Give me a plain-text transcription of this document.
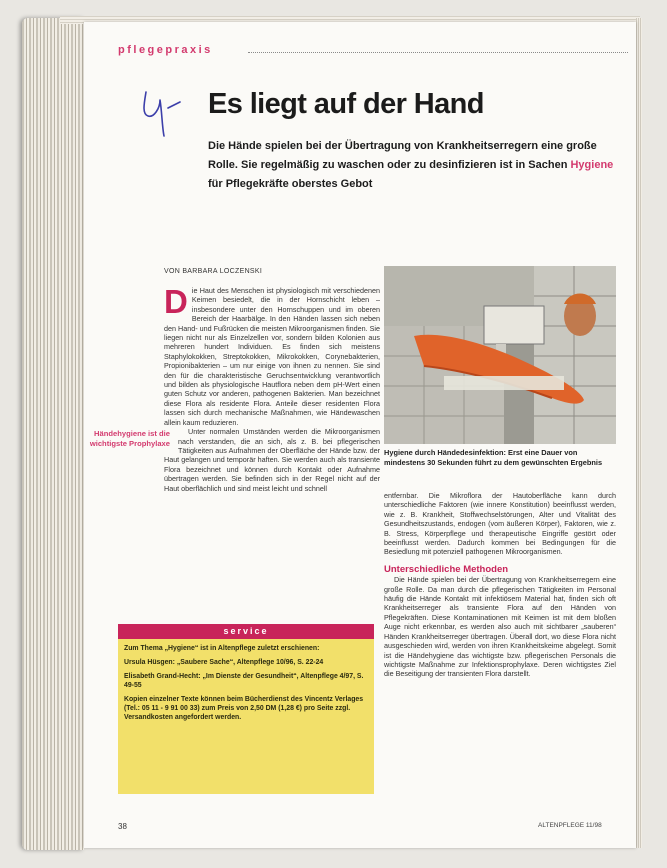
pflegepraxis
Es liegt auf der Hand
Die Hände spielen bei der Übertragung von Krankheitserregern eine große Rolle. Sie regelmäßig zu waschen oder zu desinfizieren ist in Sachen Hygiene für Pflegekräfte oberstes Gebot
VON BARBARA LOCZENSKI

Die Haut des Menschen ist physiologisch mit verschiedenen Keimen besiedelt, die in der Hornschicht leben – insbesondere unter den Hornschuppen und im oberen Bereich der Haarbälge. In den Händen lassen sich neben den Hand- und Fußrücken die meisten Mikroorganismen finden. Sie liegen nicht nur als Einzelzellen vor, sondern bilden Kolonien aus mehreren hundert Individuen. Es finden sich meistens Staphylokokken, Streptokokken, Mikrokokken, Corynebakterien, Propionibakterien – um nur einige von ihnen zu nennen. Sie sind den für die charakteristische Geruchsentwicklung verantwortlich und bilden als physiologische Hautflora neben dem pH-Wert einen guten Schutz vor anderen, pathogenen Bakterien. Man bezeichnet diese Flora als residente Flora. Anteile dieser residenten Flora lassen sich durch mechanische Maßnahmen, wie Händewaschen allein kaum reduzieren.

Händehygiene ist die wichtigste Prophylaxe
Unter normalen Umständen werden die Mikroorganismen nach verstanden, die an sich, als z. B. bei pflegerischen Tätigkeiten aus Aufnahmen der Oberfläche der Hände bzw. der Haut gelangen und temporär haften. Sie werden auch als transiente Flora bezeichnet und können durch Kontakt oder Aufnahme übertragen werden. Sie befinden sich in der Regel nicht auf der Haut oberflächlich und sind meist leicht und schnell

Hygiene durch Händedesinfektion: Erst eine Dauer von mindestens 30 Sekunden führt zu dem gewünschten Ergebnis

entfernbar. Die Mikroflora der Hautoberfläche kann durch unterschiedliche Faktoren (wie innere Konstitution) beeinflusst werden, wie z. B. Krankheit, Stoffwechselstörungen, Alter und Vitalität des Gesundheitszustands, endogen (vom äußeren Körper), Faktoren, wie z. B. Stress, Körperpflege und therapeutische Eingriffe gestört oder beeinflusst werden. Dadurch kommen bei Bedingungen für die Besiedlung mit potenziell pathogenen Mikroorganismen.

Unterschiedliche Methoden

Die Hände spielen bei der Übertragung von Krankheitserregern eine große Rolle. Da man durch die pflegerischen Tätigkeiten im Personal häufig die Hände Kontakt mit infektiösem Material hat, finden sich oft Krankheitserreger als transiente Flora auf den Händen von Pflegekräften. Diese Kontaminationen mit Keimen ist mit dem bloßen Auge nicht erkennbar, es werden also auch mit sichtbarer „sauberen“ Händen Krankheitserreger übertragen. Überall dort, wo diese Flora nicht ausgeschieden wird, werden von ihren Krankheitskeime abgelegt. Somit ist die Händehygiene das wichtigste bzw. pflegerischen Personals die wichtigste Maßnahme zur Infektionsprophylaxe. Deren wichtigstes Ziel die Beseitigung der transienten Flora darstellt.

service

Zum Thema „Hygiene“ ist in Altenpflege zuletzt erschienen:

Ursula Hüsgen: „Saubere Sache“, Altenpflege 10/96, S. 22-24

Elisabeth Grand-Hecht: „Im Dienste der Gesundheit“, Altenpflege 4/97, S. 49-55

Kopien einzelner Texte können beim Bücherdienst des Vincentz Verlages (Tel.: 05 11 - 9 91 00 33) zum Preis von 2,50 DM (1,28 €) pro Seite zzgl. Versandkosten angefordert werden.

38	ALTENPFLEGE 11/98
